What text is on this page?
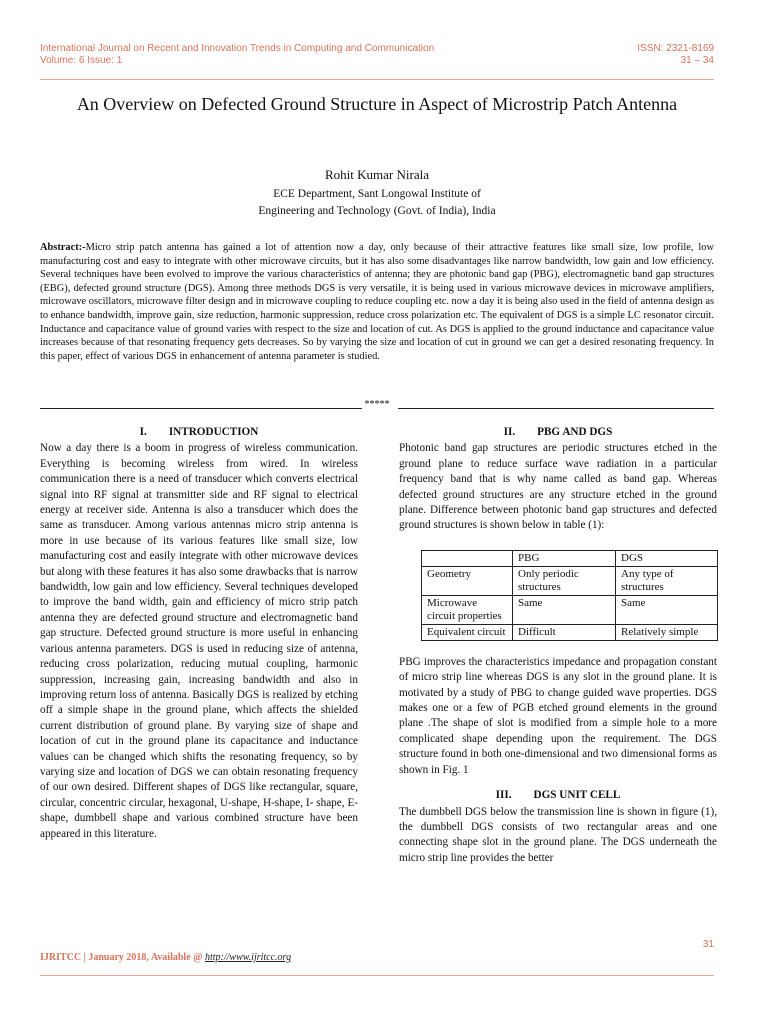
International Journal on Recent and Innovation Trends in Computing and Communication
Volume: 6 Issue: 1
ISSN: 2321-8169
31 – 34
An Overview on Defected Ground Structure in Aspect of Microstrip Patch Antenna
Rohit Kumar Nirala
ECE Department, Sant Longowal Institute of
Engineering and Technology (Govt. of India), India
Abstract:-Micro strip patch antenna has gained a lot of attention now a day, only because of their attractive features like small size, low profile, low manufacturing cost and easy to integrate with other microwave circuits, but it has also some disadvantages like narrow bandwidth, low gain and low efficiency. Several techniques have been evolved to improve the various characteristics of antenna; they are photonic band gap (PBG), electromagnetic band gap structures (EBG), defected ground structure (DGS). Among three methods DGS is very versatile, it is being used in various microwave devices in microwave amplifiers, microwave oscillators, microwave filter design and in microwave coupling to reduce coupling etc. now a day it is being also used in the field of antenna design as to enhance bandwidth, improve gain, size reduction, harmonic suppression, reduce cross polarization etc. The equivalent of DGS is a simple LC resonator circuit. Inductance and capacitance value of ground varies with respect to the size and location of cut. As DGS is applied to the ground inductance and capacitance value increases because of that resonating frequency gets decreases. So by varying the size and location of cut in ground we can get a desired resonating frequency. In this paper, effect of various DGS in enhancement of antenna parameter is studied.
*****
I. INTRODUCTION

Now a day there is a boom in progress of wireless communication. Everything is becoming wireless from wired. In wireless communication there is a need of transducer which converts electrical signal into RF signal at transmitter side and RF signal to electrical energy at receiver side. Antenna is also a transducer which does the same as transducer. Among various antennas micro strip antenna is more in use because of its various features like small size, low manufacturing cost and easily integrate with other microwave devices but along with these features it has also some drawbacks that is narrow bandwidth, low gain and low efficiency. Several techniques developed to improve the band width, gain and efficiency of micro strip patch antenna they are defected ground structure and electromagnetic band gap structure. Defected ground structure is more useful in enhancing various antenna parameters. DGS is used in reducing size of antenna, reducing cross polarization, reducing mutual coupling, harmonic suppression, increasing gain, increasing bandwidth and also in improving return loss of antenna. Basically DGS is realized by etching off a simple shape in the ground plane, which affects the shielded current distribution of ground plane. By varying size of shape and location of cut in the ground plane its capacitance and inductance values can be changed which shifts the resonating frequency, so by varying size and location of DGS we can obtain resonating frequency of our own desired. Different shapes of DGS like rectangular, square, circular, concentric circular, hexagonal, U-shape, H-shape, I- shape, E-shape, dumbbell shape and various combined structure have been appeared in this literature.

II. PBG AND DGS

Photonic band gap structures are periodic structures etched in the ground plane to reduce surface wave radiation in a particular frequency band that is why name called as band gap. Whereas defected ground structures are any structure etched in the ground plane. Difference between photonic band gap structures and defected ground structures is shown below in table (1):

	PBG	DGS
Geometry	Only periodic structures	Any type of structures
Microwave circuit properties	Same	Same
Equivalent circuit	Difficult	Relatively simple

PBG improves the characteristics impedance and propagation constant of micro strip line whereas DGS is any slot in the ground plane. It is motivated by a study of PBG to change guided wave properties. DGS makes one or a few of PGB etched ground elements in the ground plane .The shape of slot is modified from a simple hole to a more complicated shape depending upon the requirement. The DGS structure found in both one-dimensional and two dimensional forms as shown in Fig. 1

III. DGS UNIT CELL

The dumbbell DGS below the transmission line is shown in figure (1), the dumbbell DGS consists of two rectangular areas and one connecting shape slot in the ground plane. The DGS underneath the micro strip line provides the better

31
IJRITCC | January 2018, Available @ http://www.ijritcc.org
